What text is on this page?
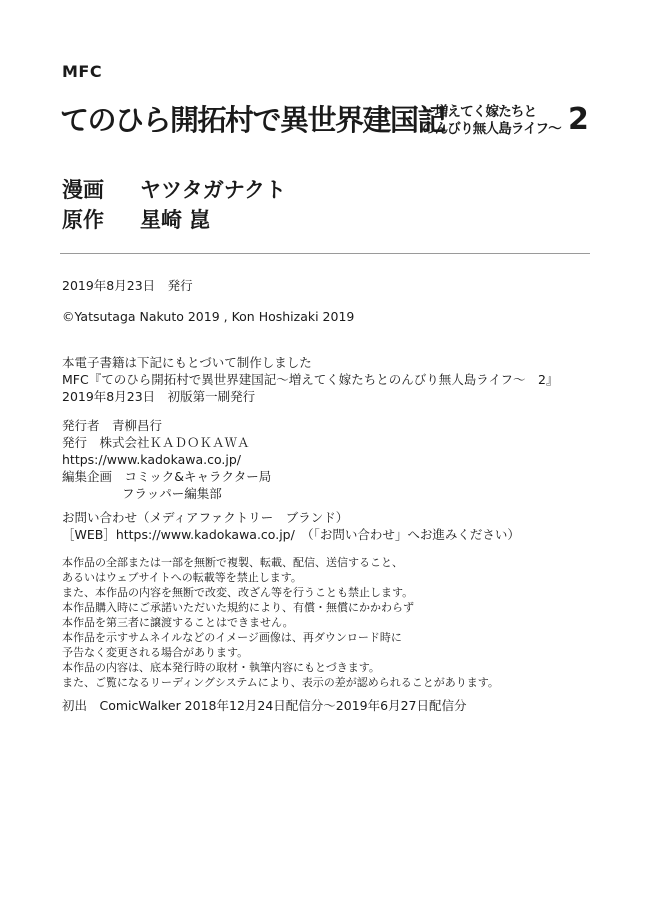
MFC
てのひら開拓村で異世界建国記
～増えてく嫁たちと
のんびり無人島ライフ～ 2
漫画 ヤツタガナクト
原作 星崎 崑
2019年8月23日　発行
©Yatsutaga Nakuto 2019 , Kon Hoshizaki 2019
本電子書籍は下記にもとづいて制作しました
MFC『てのひら開拓村で異世界建国記～増えてく嫁たちとのんびり無人島ライフ～　2』
2019年8月23日　初版第一刷発行
発行者　青柳昌行
発行　株式会社ＫＡＤＯＫＡＷＡ
https://www.kadokawa.co.jp/
編集企画　コミック&キャラクター局
フラッパー編集部
お問い合わせ（メディアファクトリー　ブランド）
［WEB］https://www.kadokawa.co.jp/　（「お問い合わせ」へお進みください）
本作品の全部または一部を無断で複製、転載、配信、送信すること、
あるいはウェブサイトへの転載等を禁止します。
また、本作品の内容を無断で改変、改ざん等を行うことも禁止します。
本作品購入時にご承諾いただいた規約により、有償・無償にかかわらず
本作品を第三者に譲渡することはできません。
本作品を示すサムネイルなどのイメージ画像は、再ダウンロード時に
予告なく変更される場合があります。
本作品の内容は、底本発行時の取材・執筆内容にもとづきます。
また、ご覧になるリーディングシステムにより、表示の差が認められることがあります。
初出　ComicWalker 2018年12月24日配信分～2019年6月27日配信分
